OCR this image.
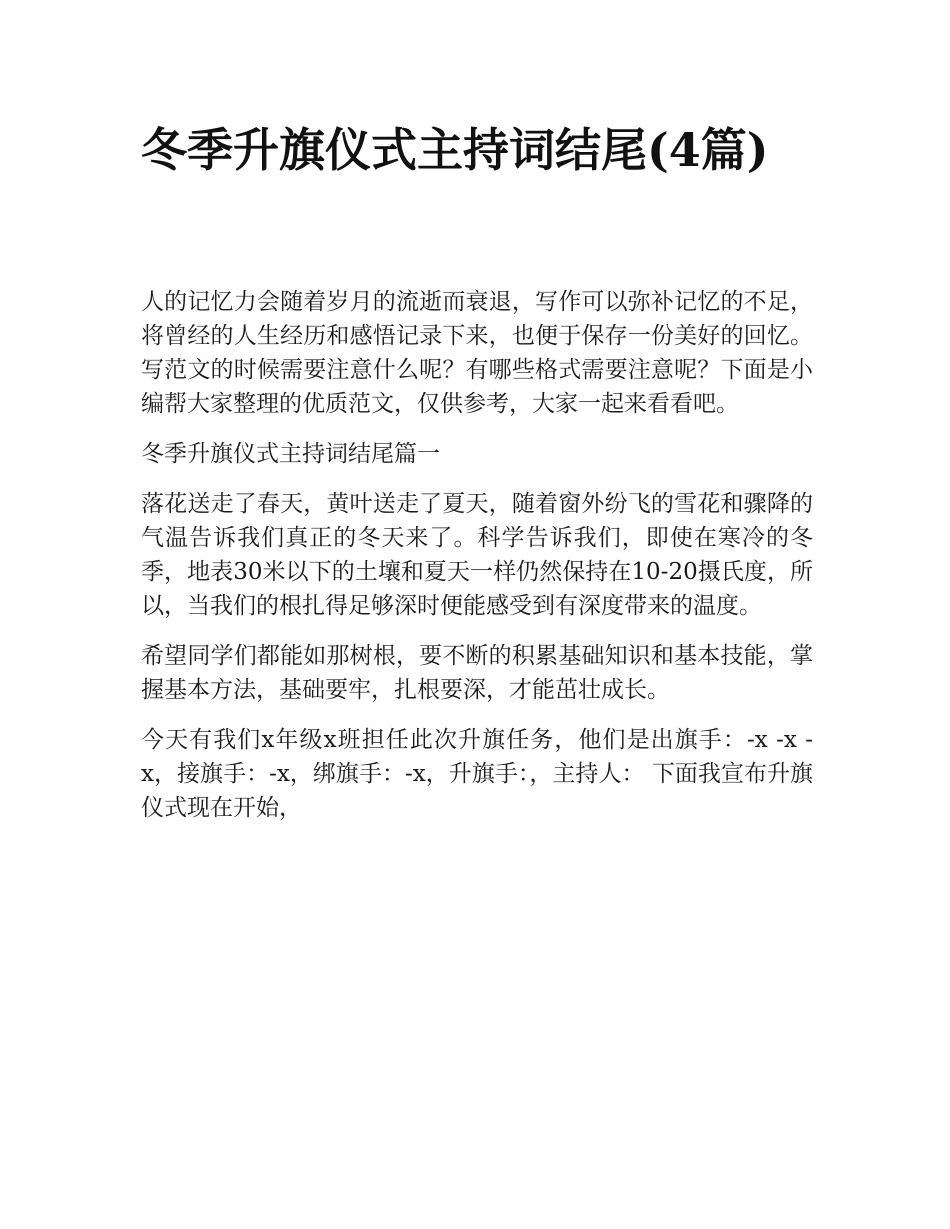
冬季升旗仪式主持词结尾(4篇)

人的记忆力会随着岁月的流逝而衰退，写作可以弥补记忆的不足，将曾经的人生经历和感悟记录下来，也便于保存一份美好的回忆。写范文的时候需要注意什么呢？有哪些格式需要注意呢？下面是小编帮大家整理的优质范文，仅供参考，大家一起来看看吧。

冬季升旗仪式主持词结尾篇一

落花送走了春天，黄叶送走了夏天，随着窗外纷飞的雪花和骤降的气温告诉我们真正的冬天来了。科学告诉我们，即使在寒冷的冬季，地表30米以下的土壤和夏天一样仍然保持在10-20摄氏度，所以，当我们的根扎得足够深时便能感受到有深度带来的温度。

希望同学们都能如那树根，要不断的积累基础知识和基本技能，掌握基本方法，基础要牢，扎根要深，才能茁壮成长。

今天有我们x年级x班担任此次升旗任务，他们是出旗手：-x -x -x，接旗手：-x，绑旗手：-x，升旗手：，主持人： 下面我宣布升旗仪式现在开始，
